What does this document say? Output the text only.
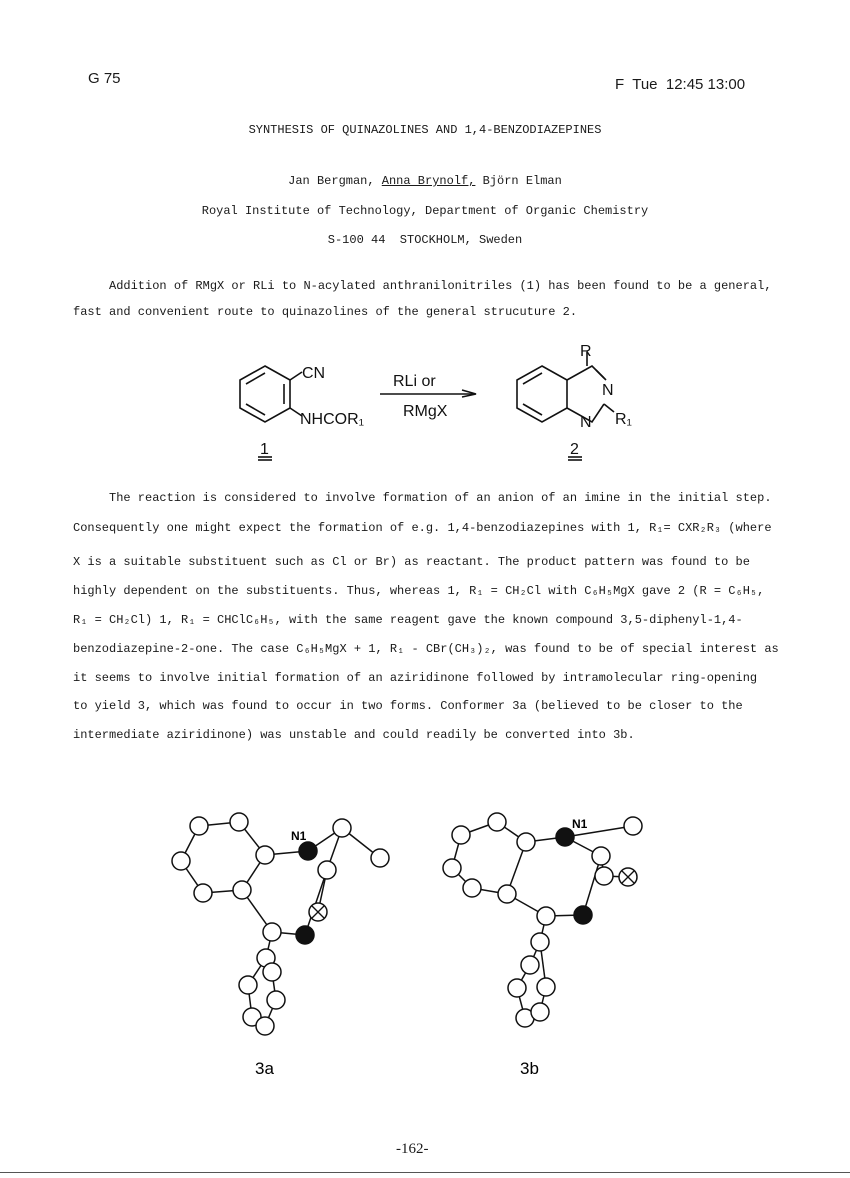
G 75	F  Tue  12:45 13:00
SYNTHESIS OF QUINAZOLINES AND 1,4-BENZODIAZEPINES
Jan Bergman, Anna Brynolf, Björn Elman
Royal Institute of Technology, Department of Organic Chemistry
S-100 44  STOCKHOLM, Sweden
Addition of RMgX or RLi to N-acylated anthranilonitriles (1) has been found to be a general,
fast and convenient route to quinazolines of the general strucuture 2.
CN
NHCOR₁
1
RLi or
RMgX
R
N
N R₁
2
N1
N1
3a	3b
The reaction is considered to involve formation of an anion of an imine in the initial step.
Consequently one might expect the formation of e.g. 1,4-benzodiazepines with 1, R₁= CXR₂R₃ (where
X is a suitable substituent such as Cl or Br) as reactant. The product pattern was found to be
highly dependent on the substituents. Thus, whereas 1, R₁ = CH₂Cl with C₆H₅MgX gave 2 (R = C₆H₅,
R₁ = CH₂Cl) 1, R₁ = CHClC₆H₅, with the same reagent gave the known compound 3,5-diphenyl-1,4-
benzodiazepine-2-one. The case C₆H₅MgX + 1, R₁ - CBr(CH₃)₂, was found to be of special interest as
it seems to involve initial formation of an aziridinone followed by intramolecular ring-opening
to yield 3, which was found to occur in two forms. Conformer 3a (believed to be closer to the
intermediate aziridinone) was unstable and could readily be converted into 3b.
-162-
